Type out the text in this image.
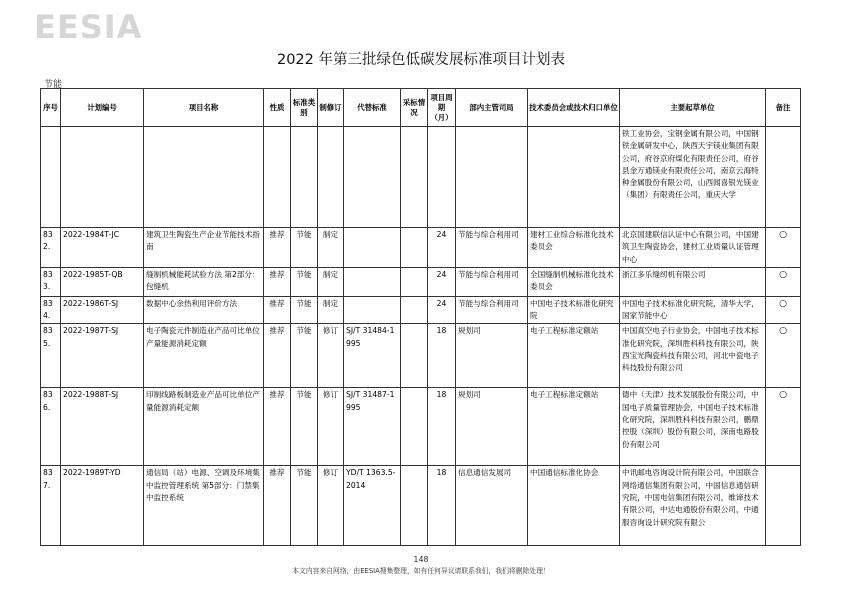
EESIA
2022 年第三批绿色低碳发展标准项目计划表
节能
序号	计划编号	项目名称	性质	标准类别	制修订	代替标准	采标情况	项目周期（月）	部内主管司局	技术委员会或技术归口单位	主要起草单位	备注
											铁工业协会，宝钢金属有限公司，中国钢铁金属研发中心，陕西天宇镁业集团有限公司，府谷京府煤化有限责任公司，府谷县金万通镁业有限责任公司，南京云海特种金属股份有限公司，山西闻喜银光镁业（集团）有限责任公司，重庆大学	
832.	2022-1984T-JC	建筑卫生陶瓷生产企业节能技术指南	推荐	节能	制定			24	节能与综合利用司	建材工业综合标准化技术委员会	北京国建联信认证中心有限公司，中国建筑卫生陶瓷协会，建材工业质量认证管理中心	○
833.	2022-1985T-QB	缝制机械能耗试验方法 第2部分：包缝机	推荐	节能	制定			24	节能与综合利用司	全国缝制机械标准化技术委员会	浙江多乐缝纫机有限公司	○
834.	2022-1986T-SJ	数据中心余热利用评价方法	推荐	节能	制定			24	节能与综合利用司	中国电子技术标准化研究院	中国电子技术标准化研究院，清华大学，国家节能中心	○
835.	2022-1987T-SJ	电子陶瓷元件制造业产品可比单位产量能源消耗定额	推荐	节能	修订	SJ/T 31484-1995		18	规划司	电子工程标准定额站	中国真空电子行业协会，中国电子技术标准化研究院，深圳胜科科技有限公司，陕西宝光陶瓷科技有限公司，河北中瓷电子科技股份有限公司	○
836.	2022-1988T-SJ	印制线路板制造业产品可比单位产量能源消耗定额	推荐	节能	修订	SJ/T 31487-1995		18	规划司	电子工程标准定额站	德中（天津）技术发展股份有限公司，中国电子质量管理协会，中国电子技术标准化研究院，深圳胜科科技有限公司，鹏鼎控股（深圳）股份有限公司，深南电路股份有限公司	○
837.	2022-1989T-YD	通信局（站）电源、空调及环境集中监控管理系统 第5部分：门禁集中监控系统	推荐	节能	修订	YD/T 1363.5-2014		18	信息通信发展司	中国通信标准化协会	中讯邮电咨询设计院有限公司，中国联合网络通信集团有限公司，中国信息通信研究院，中国电信集团有限公司，维谛技术有限公司，中达电通股份有限公司，中通服咨询设计研究院有限公	
148
本文内容来自网络，由EESIA搜集整理，如有任何异议请联系我们，我们将删除处理！
